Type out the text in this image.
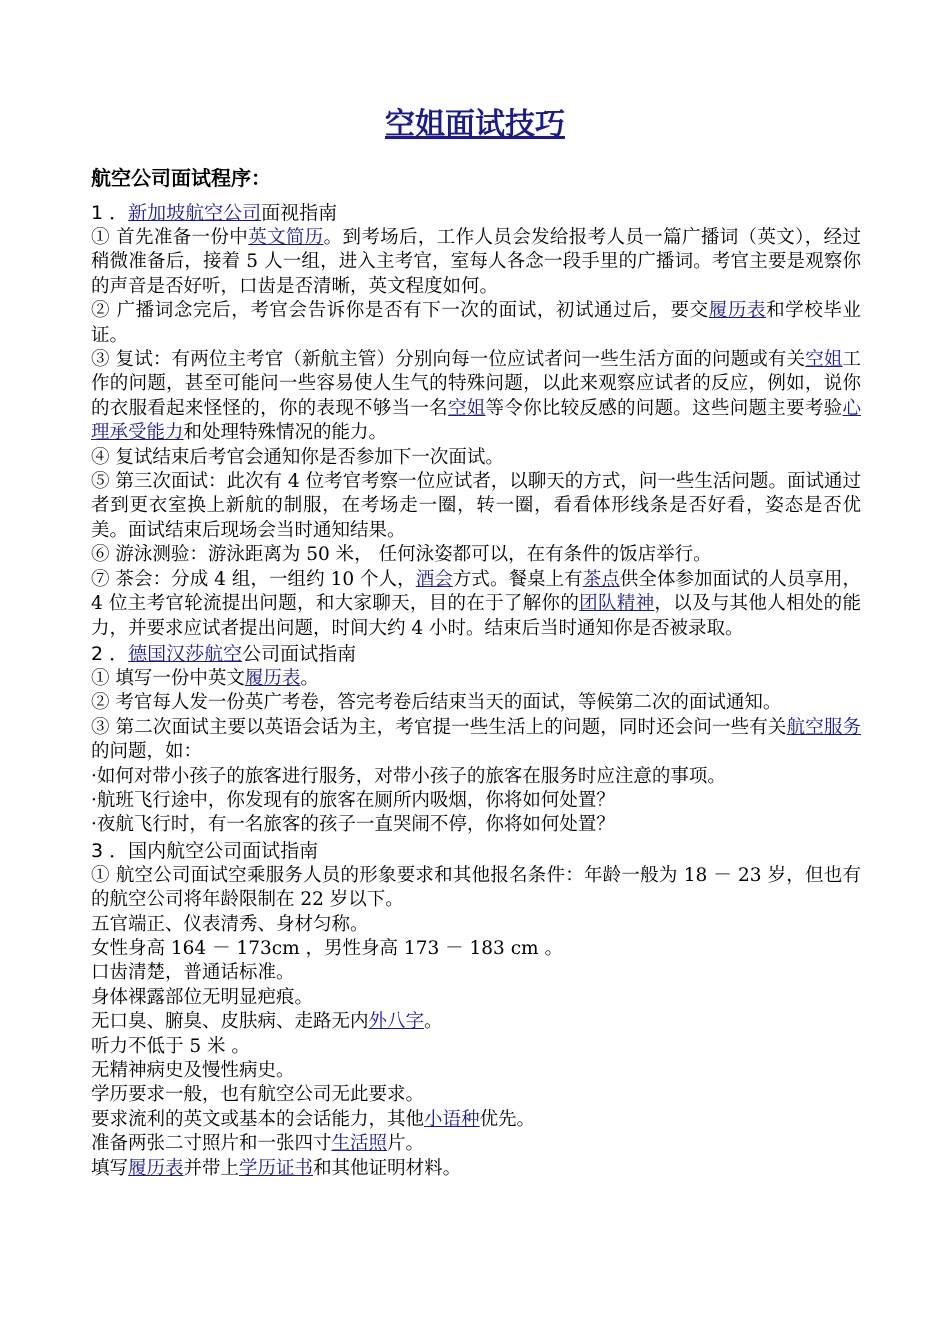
空姐面试技巧
航空公司面试程序：
1 ．新加坡航空公司面视指南

① 首先准备一份中英文简历。到考场后，工作人员会发给报考人员一篇广播词（英文），经过稍微准备后，接着 5 人一组，进入主考官，室每人各念一段手里的广播词。考官主要是观察你的声音是否好听，口齿是否清晰，英文程度如何。

② 广播词念完后，考官会告诉你是否有下一次的面试，初试通过后，要交履历表和学校毕业证。

③ 复试：有两位主考官（新航主管）分别向每一位应试者问一些生活方面的问题或有关空姐工作的问题，甚至可能问一些容易使人生气的特殊问题，以此来观察应试者的反应，例如，说你的衣服看起来怪怪的，你的表现不够当一名空姐等令你比较反感的问题。这些问题主要考验心理承受能力和处理特殊情况的能力。

④ 复试结束后考官会通知你是否参加下一次面试。

⑤ 第三次面试：此次有 4 位考官考察一位应试者，以聊天的方式，问一些生活问题。面试通过者到更衣室换上新航的制服，在考场走一圈，转一圈，看看体形线条是否好看，姿态是否优美。面试结束后现场会当时通知结果。

⑥ 游泳测验：游泳距离为 50 米， 任何泳姿都可以，在有条件的饭店举行。

⑦ 茶会：分成 4 组，一组约 10 个人，酒会方式。餐桌上有茶点供全体参加面试的人员享用，4 位主考官轮流提出问题，和大家聊天，目的在于了解你的团队精神，以及与其他人相处的能力，并要求应试者提出问题，时间大约 4 小时。结束后当时通知你是否被录取。

2 ．德国汉莎航空公司面试指南

① 填写一份中英文履历表。

② 考官每人发一份英广考卷，答完考卷后结束当天的面试，等候第二次的面试通知。

③ 第二次面试主要以英语会话为主，考官提一些生活上的问题，同时还会问一些有关航空服务的问题，如：

·如何对带小孩子的旅客进行服务，对带小孩子的旅客在服务时应注意的事项。

·航班飞行途中，你发现有的旅客在厕所内吸烟，你将如何处置？

·夜航飞行时，有一名旅客的孩子一直哭闹不停，你将如何处置？

3 ．国内航空公司面试指南

① 航空公司面试空乘服务人员的形象要求和其他报名条件：年龄一般为 18 － 23 岁，但也有的航空公司将年龄限制在 22 岁以下。

五官端正、仪表清秀、身材匀称。

女性身高 164 － 173cm ，男性身高 173 － 183 cm 。

口齿清楚，普通话标准。

身体裸露部位无明显疤痕。

无口臭、腑臭、皮肤病、走路无内外八字。

听力不低于 5 米 。

无精神病史及慢性病史。

学历要求一般，也有航空公司无此要求。

要求流利的英文或基本的会话能力，其他小语种优先。

准备两张二寸照片和一张四寸生活照片。

填写履历表并带上学历证书和其他证明材料。
